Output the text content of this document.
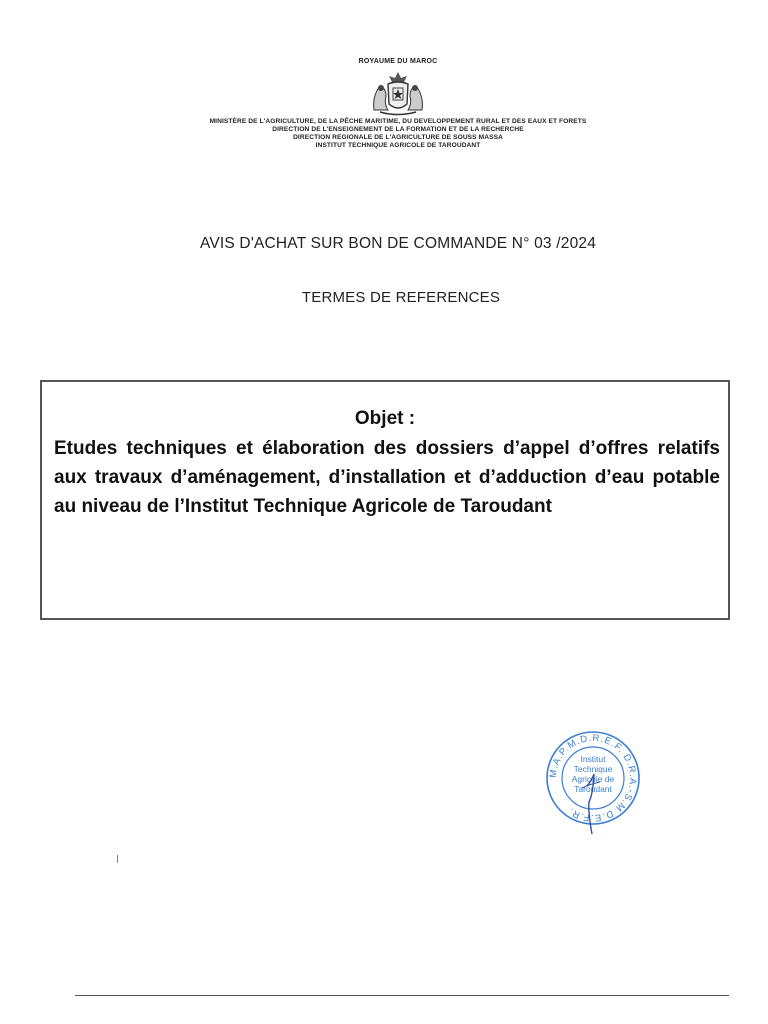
ROYAUME DU MAROC
MINISTÈRE DE L'AGRICULTURE, DE LA PÊCHE MARITIME, DU DEVELOPPEMENT RURAL ET DES EAUX ET FORETS
DIRECTION DE L'ENSEIGNEMENT DE LA FORMATION ET DE LA RECHERCHE
DIRECTION REGIONALE DE L'AGRICULTURE DE SOUSS MASSA
INSTITUT TECHNIQUE AGRICOLE DE TAROUDANT
AVIS D'ACHAT SUR BON DE COMMANDE N° 03 /2024
TERMES DE REFERENCES
Objet :
Etudes techniques et élaboration des dossiers d’appel d’offres relatifs aux travaux d’aménagement, d’installation et d’adduction d’eau potable au niveau de l’Institut Technique Agricole de Taroudant
M.A.P.M.D.R.E.F. D.R.A.-S.M D.E.F.R.
Institut Technique Agricole de Taroudant
